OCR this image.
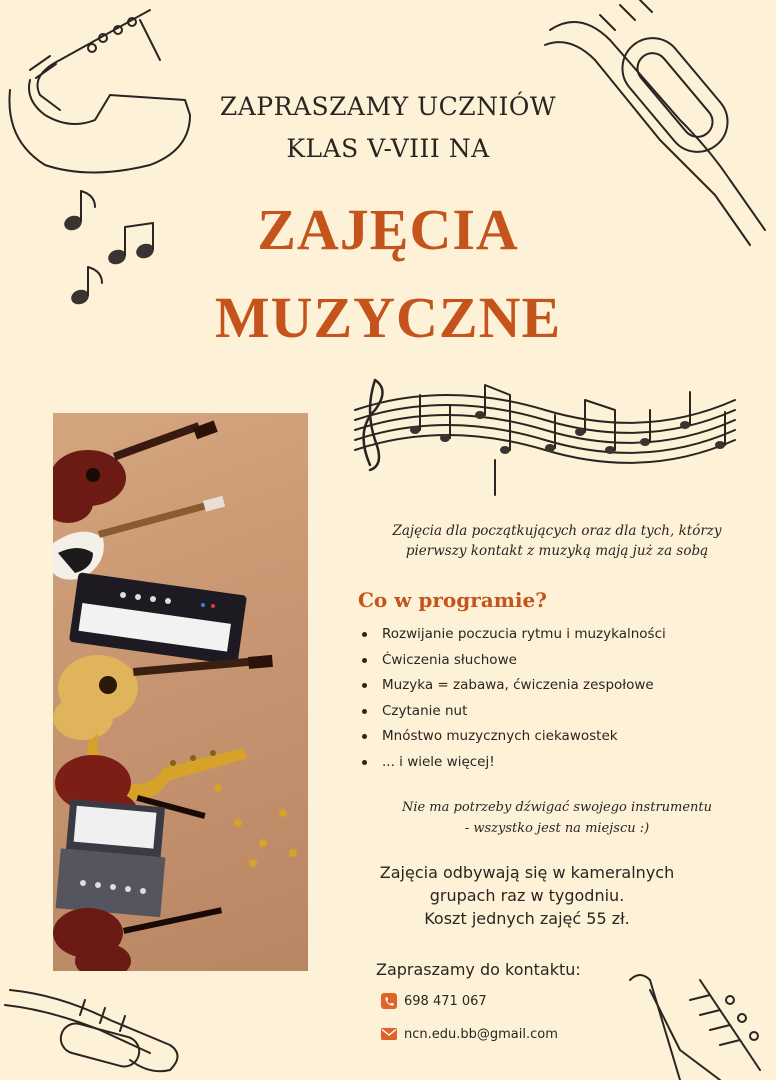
ZAPRASZAMY UCZNIÓW
KLAS V-VIII NA
ZAJĘCIA
MUZYCZNE
Zajęcia dla początkujących oraz dla tych, którzy
pierwszy kontakt z muzyką mają już za sobą
Co w programie?
Rozwijanie poczucia rytmu i muzykalności
Ćwiczenia słuchowe
Muzyka = zabawa, ćwiczenia zespołowe
Czytanie nut
Mnóstwo muzycznych ciekawostek
... i wiele więcej!
Nie ma potrzeby dźwigać swojego instrumentu
- wszystko jest na miejscu :)
Zajęcia odbywają się w kameralnych
grupach raz w tygodniu.
Koszt jednych zajęć 55 zł.
Zapraszamy do kontaktu:
698 471 067
ncn.edu.bb@gmail.com
